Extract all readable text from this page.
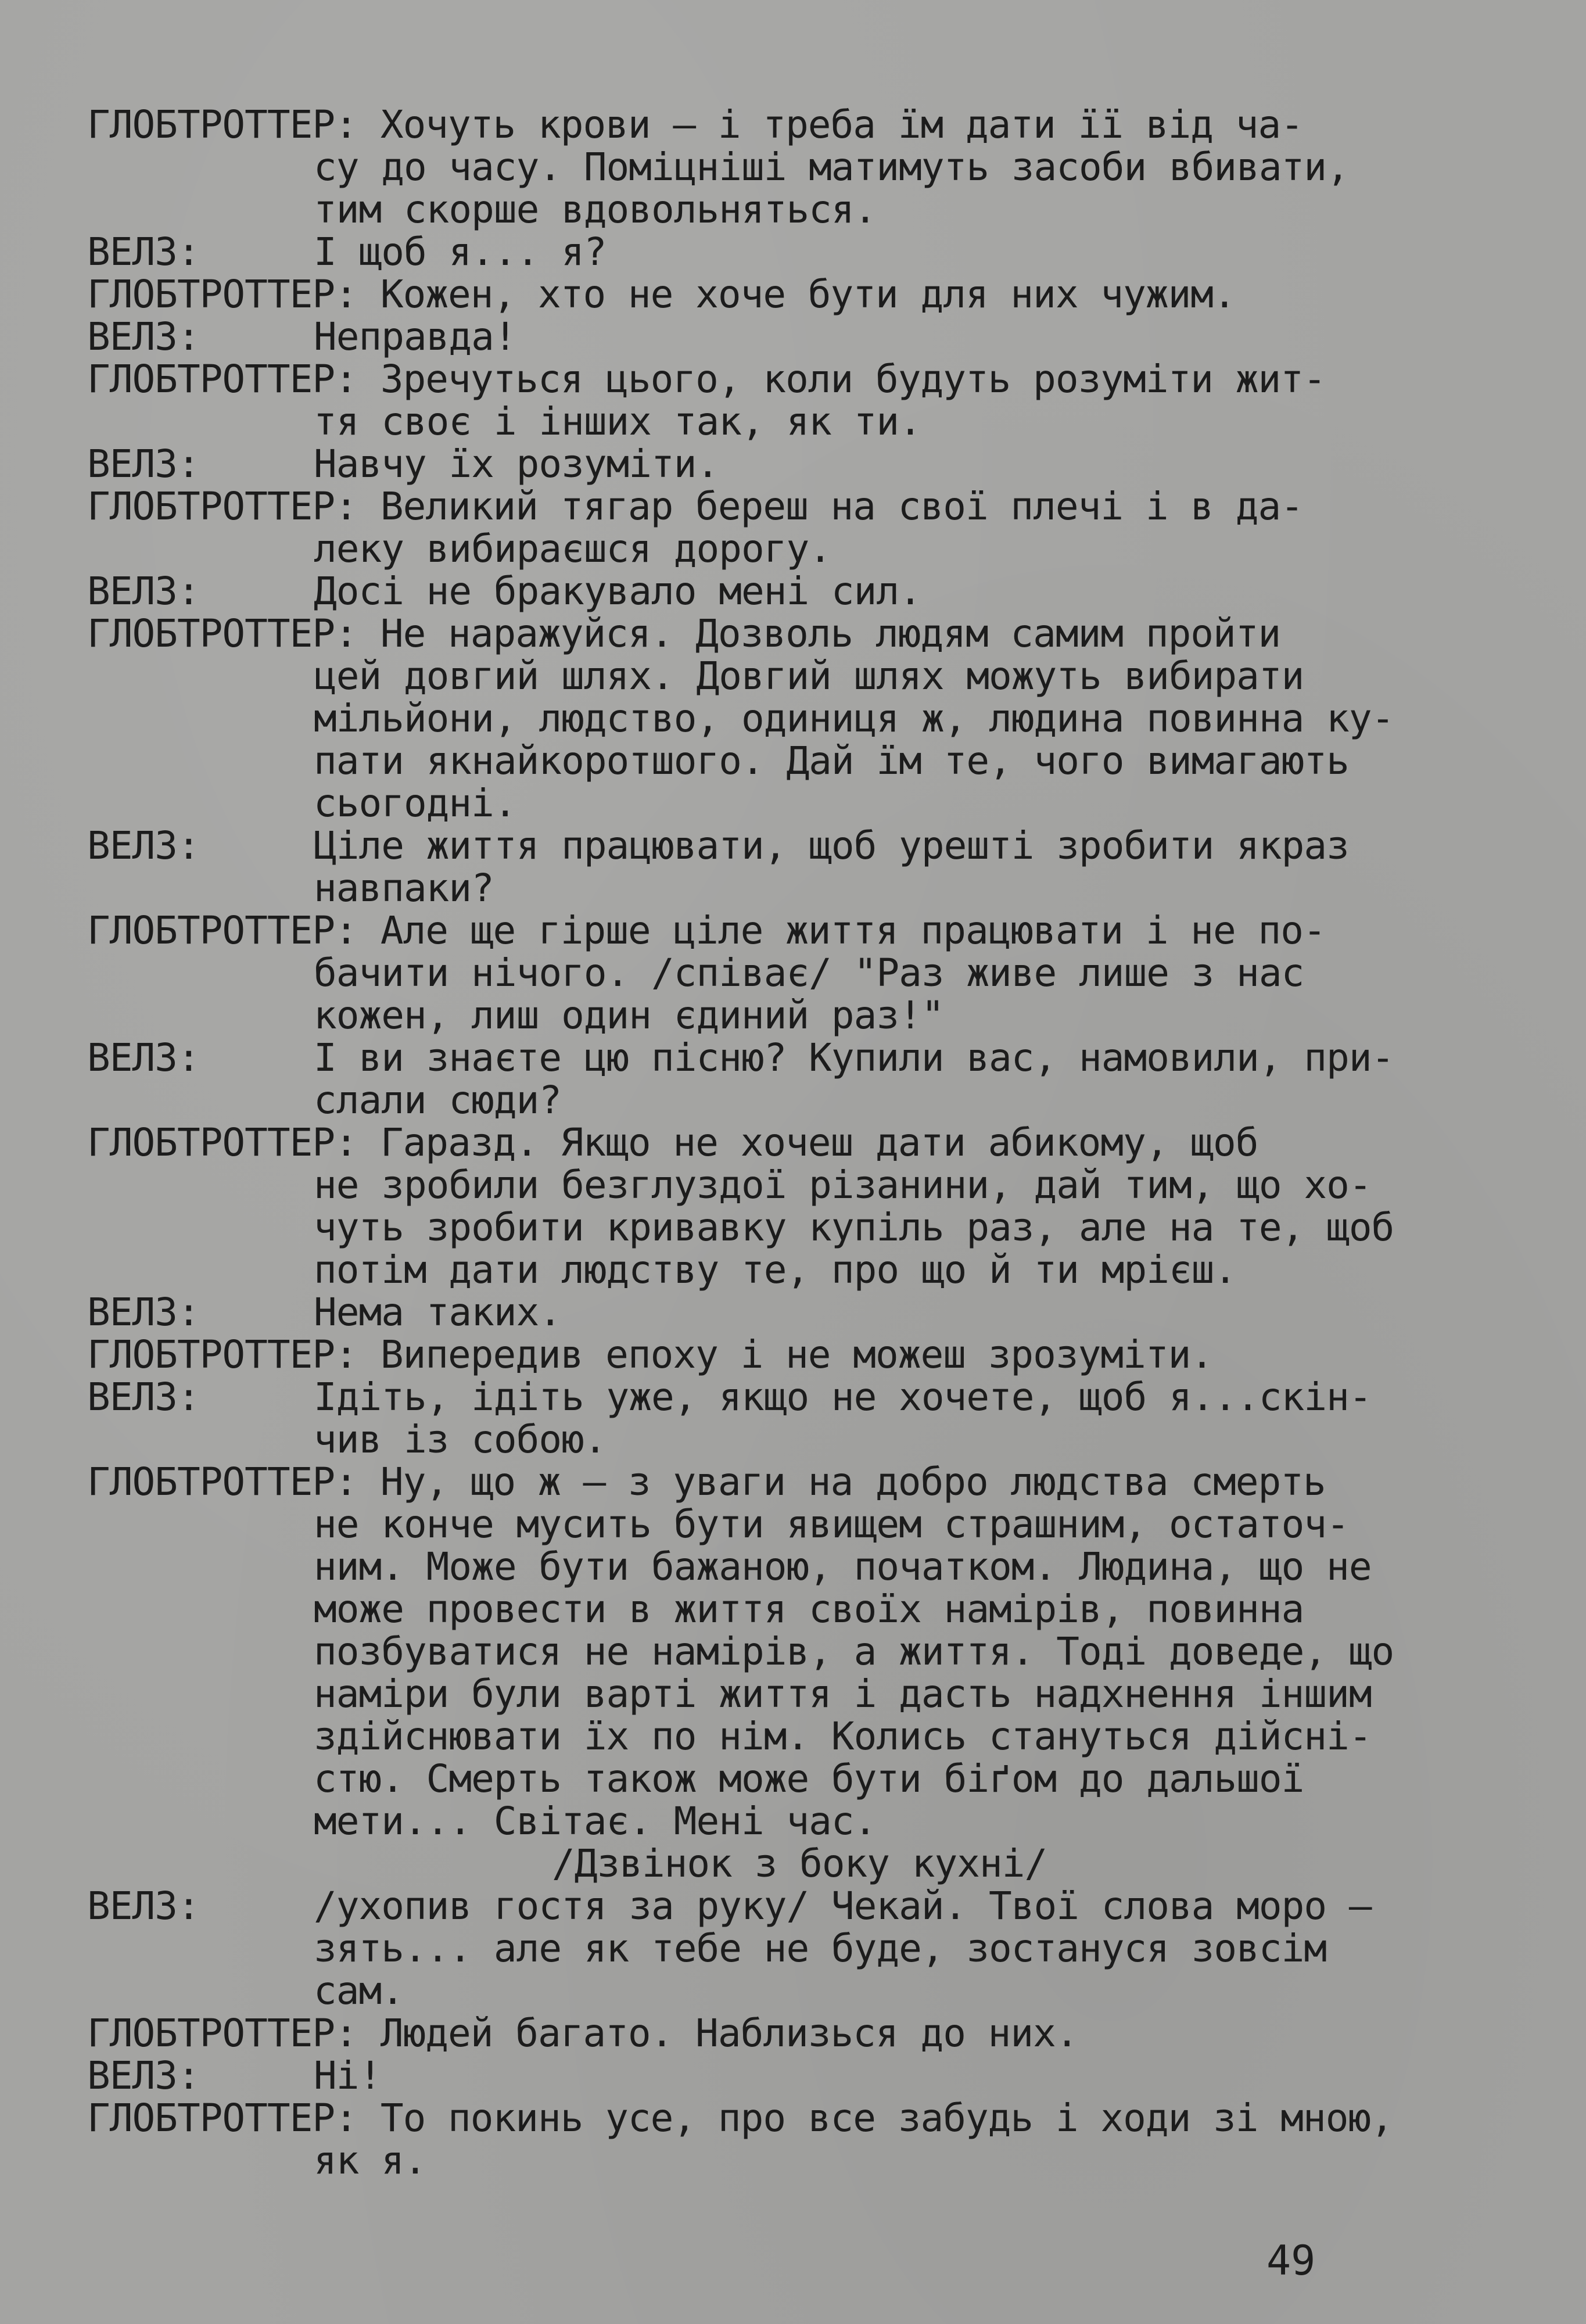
ГЛОБТРОТТЕР: Хочуть крови – і треба їм дати її від ча-
су до часу. Поміцніші матимуть засоби вбивати,
тим скорше вдовольняться.
ВЕЛЗ:	І щоб я... я?
ГЛОБТРОТТЕР: Кожен, хто не хоче бути для них чужим.
ВЕЛЗ:	Неправда!
ГЛОБТРОТТЕР: Зречуться цього, коли будуть розуміти жит-
тя своє і інших так, як ти.
ВЕЛЗ:	Навчу їх розуміти.
ГЛОБТРОТТЕР: Великий тягар береш на свої плечі і в да-
леку вибираєшся дорогу.
ВЕЛЗ:	Досі не бракувало мені сил.
ГЛОБТРОТТЕР: Не наражуйся. Дозволь людям самим пройти
цей довгий шлях. Довгий шлях можуть вибирати
мільйони, людство, одиниця ж, людина повинна ку-
пати якнайкоротшого. Дай їм те, чого вимагають
сьогодні.
ВЕЛЗ:	Ціле життя працювати, щоб урешті зробити якраз
навпаки?
ГЛОБТРОТТЕР: Але ще гірше ціле життя працювати і не по-
бачити нічого. /співає/ "Раз живе лише з нас
кожен, лиш один єдиний раз!"
ВЕЛЗ:	І ви знаєте цю пісню? Купили вас, намовили, при-
слали сюди?
ГЛОБТРОТТЕР: Гаразд. Якщо не хочеш дати абикому, щоб
не зробили безглуздої різанини, дай тим, що хо-
чуть зробити кривавку купіль раз, але на те, щоб
потім дати людству те, про що й ти мрієш.
ВЕЛЗ:	Нема таких.
ГЛОБТРОТТЕР: Випередив епоху і не можеш зрозуміти.
ВЕЛЗ:	Ідіть, ідіть уже, якщо не хочете, щоб я...скін-
чив із собою.
ГЛОБТРОТТЕР: Ну, що ж – з уваги на добро людства смерть
не конче мусить бути явищем страшним, остаточ-
ним. Може бути бажаною, початком. Людина, що не
може провести в життя своїх намірів, повинна
позбуватися не намірів, а життя. Тоді доведе, що
наміри були варті життя і дасть надхнення іншим
здійснювати їх по нім. Колись стануться дійсні-
стю. Смерть також може бути біґом до дальшої
мети... Світає. Мені час.
/Дзвінок з боку кухні/
ВЕЛЗ:	/ухопив гостя за руку/ Чекай. Твої слова моро –
зять... але як тебе не буде, зостануся зовсім
сам.
ГЛОБТРОТТЕР: Людей багато. Наблизься до них.
ВЕЛЗ:	Ні!
ГЛОБТРОТТЕР: То покинь усе, про все забудь і ходи зі мною,
як я.
49
